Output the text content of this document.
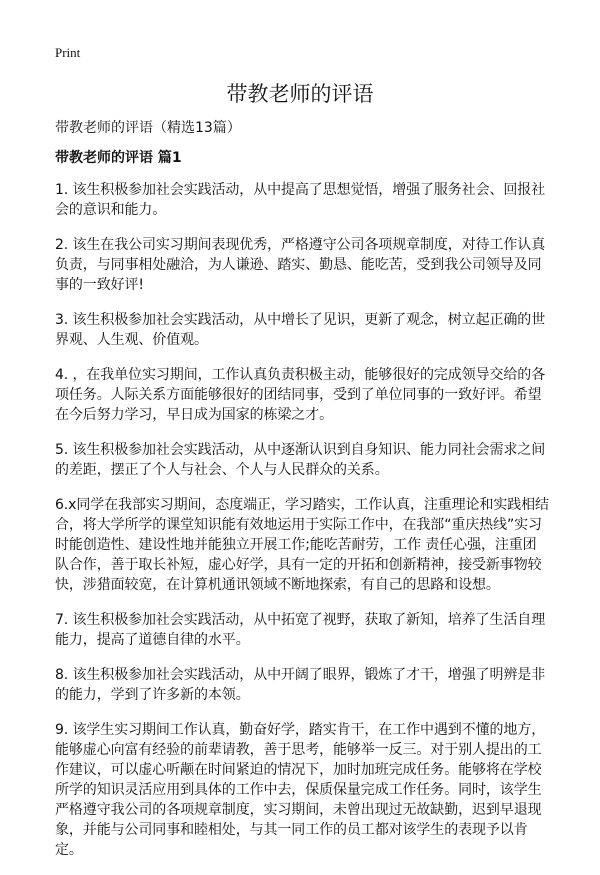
Print
带教老师的评语

带教老师的评语（精选13篇）

带教老师的评语 篇1

1. 该生积极参加社会实践活动，从中提高了思想觉悟，增强了服务社会、回报社会的意识和能力。

2. 该生在我公司实习期间表现优秀，严格遵守公司各项规章制度，对待工作认真负责，与同事相处融洽，为人谦逊、踏实、勤恳、能吃苦，受到我公司领导及同事的一致好评!

3. 该生积极参加社会实践活动，从中增长了见识，更新了观念，树立起正确的世界观、人生观、价值观。

4. ，在我单位实习期间，工作认真负责积极主动，能够很好的完成领导交给的各项任务。人际关系方面能够很好的团结同事，受到了单位同事的一致好评。希望在今后努力学习，早日成为国家的栋梁之才。

5. 该生积极参加社会实践活动，从中逐渐认识到自身知识、能力同社会需求之间的差距，摆正了个人与社会、个人与人民群众的关系。

6.x同学在我部实习期间，态度端正，学习踏实，工作认真，注重理论和实践相结合，将大学所学的课堂知识能有效地运用于实际工作中，在我部“重庆热线”实习时能创造性、建设性地并能独立开展工作;能吃苦耐劳，工作 责任心强，注重团队合作，善于取长补短，虚心好学，具有一定的开拓和创新精神，接受新事物较快，涉猎面较宽，在计算机通讯领域不断地探索，有自己的思路和设想。

7. 该生积极参加社会实践活动，从中拓宽了视野，获取了新知，培养了生活自理能力，提高了道德自律的水平。

8. 该生积极参加社会实践活动，从中开阔了眼界，锻炼了才干，增强了明辨是非的能力，学到了许多新的本领。

9. 该学生实习期间工作认真，勤奋好学，踏实肯干，在工作中遇到不懂的地方，能够虚心向富有经验的前辈请教，善于思考，能够举一反三。对于别人提出的工作建议，可以虚心听颟在时间紧迫的情况下，加时加班完成任务。能够将在学校所学的知识灵活应用到具体的工作中去，保质保量完成工作任务。同时，该学生严格遵守我公司的各项规章制度，实习期间，未曾出现过无故缺勤，迟到早退现象，并能与公司同事和睦相处，与其一同工作的员工都对该学生的表现予以肯定。
